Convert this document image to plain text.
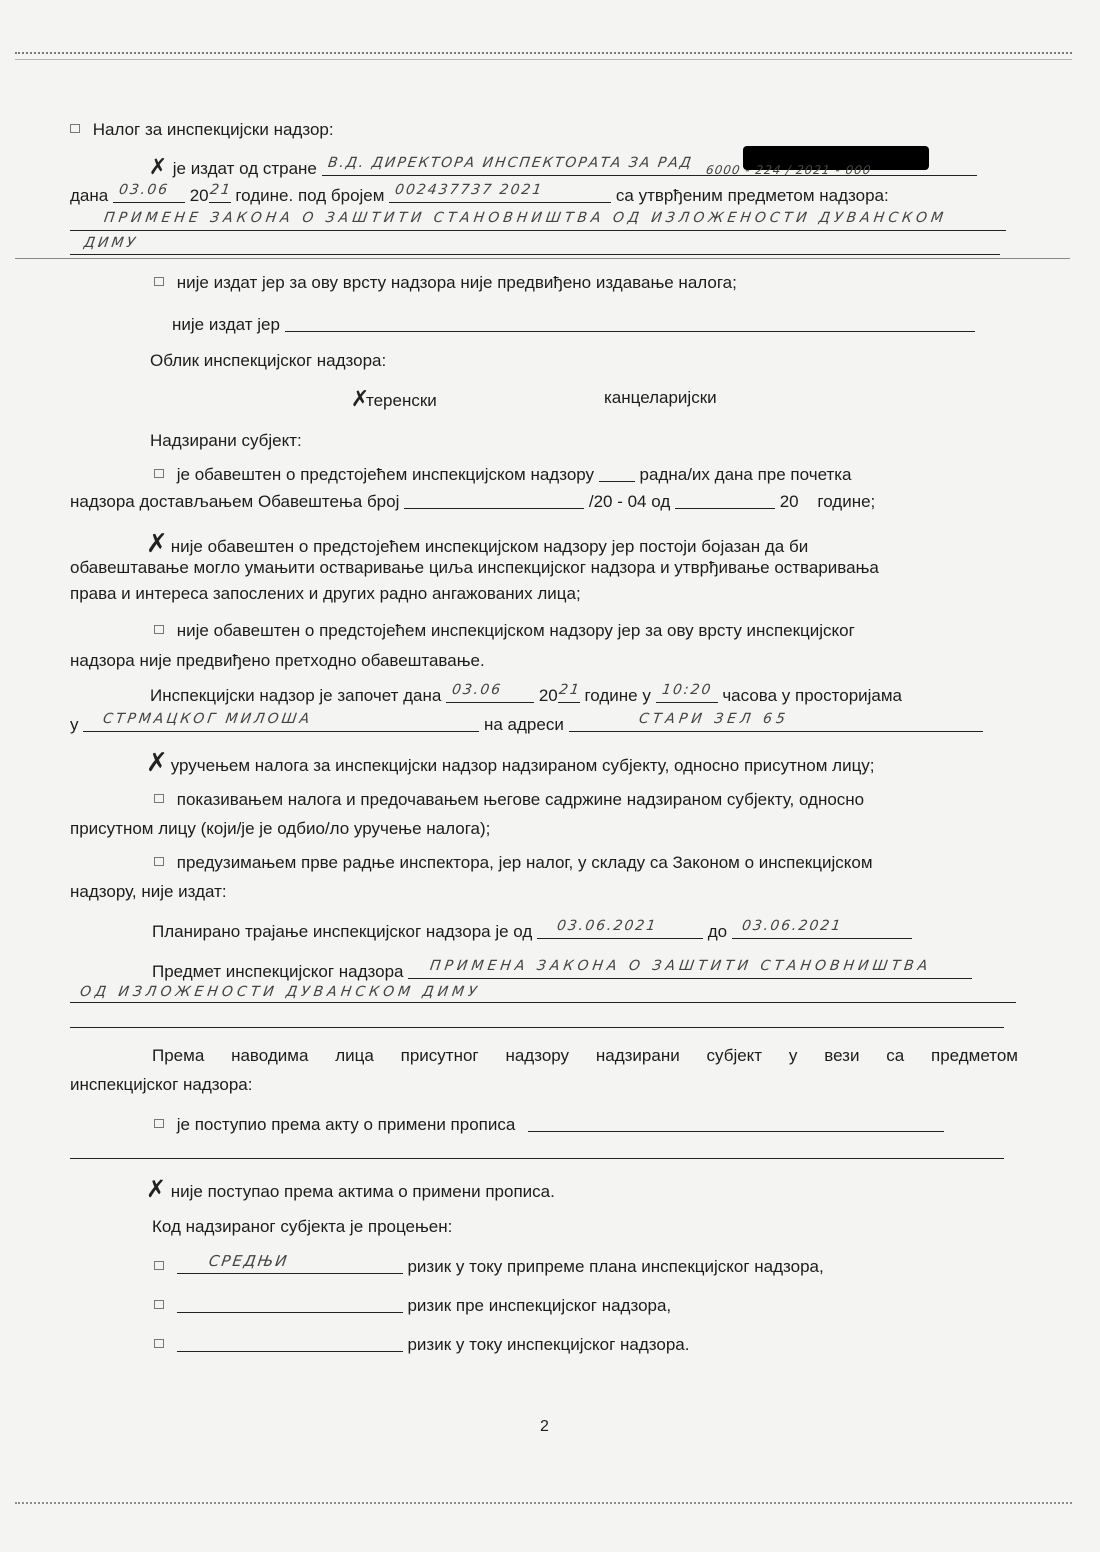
Налог за инспекцијски надзор:
✗ је издат од стране В.Д. ДИРЕКТОРА ИНСПЕКТОРАТА ЗА РАД
дана 03.06 20 21 године. под бројем 002437737 2021	са утврђеним предметом надзора:
6000 - 224 / 2021 - 000
ПРИМЕНЕ ЗАКОНА О ЗАШТИТИ СТАНОВНИШТВА ОД ИЗЛОЖЕНОСТИ ДУВАНСКОМ
ДИМУ
није издат јер за ову врсту надзора није предвиђено издавање налога;
није издат јер
Облик инспекцијског надзора:
✗теренски	канцеларијски
Надзирани субјект:
је обавештен о предстојећем инспекцијском надзору	радна/их дана пре почетка
надзора достављањем Обавештења број	/20 - 04 од	20 године;
✗ није обавештен о предстојећем инспекцијском надзору јер постоји бојазан да би
обавештавање могло умањити остваривање циља инспекцијског надзора и утврђивање остваривања
права и интереса запослених и других радно ангажованих лица;
није обавештен о предстојећем инспекцијском надзору јер за ову врсту инспекцијског
надзора није предвиђено претходно обавештавање.
Инспекцијски надзор је започет дана 03.06 20 21 године у 10:20 часова у просторијама
у СТРМАЦКОГ МИЛОША	на адреси	СТАРИ ЗЕЛ 65
✗ уручењем налога за инспекцијски надзор надзираном субјекту, односно присутном лицу;
показивањем налога и предочавањем његове садржине надзираном субјекту, односно
присутном лицу (који/је је одбио/ло уручење налога);
предузимањем прве радње инспектора, јер налог, у складу са Законом о инспекцијском
надзору, није издат:
Планирано трајање инспекцијског надзора је од 03.06.2021	до 03.06.2021
Предмет инспекцијског надзора ПРИМЕНА ЗАКОНА О ЗАШТИТИ СТАНОВНИШТВА
ОД ИЗЛОЖЕНОСТИ ДУВАНСКОМ ДИМУ
Према наводима лица присутног надзору надзирани субјект у вези са предметом
инспекцијског надзора:
је поступио према акту о примени прописа
✗ није поступао према актима о примени прописа.
Код надзираног субјекта је процењен:

СРЕДЊИ	ризик у току припреме плана инспекцијског надзора,
ризик пре инспекцијског надзора,
ризик у току инспекцијског надзора.
2
